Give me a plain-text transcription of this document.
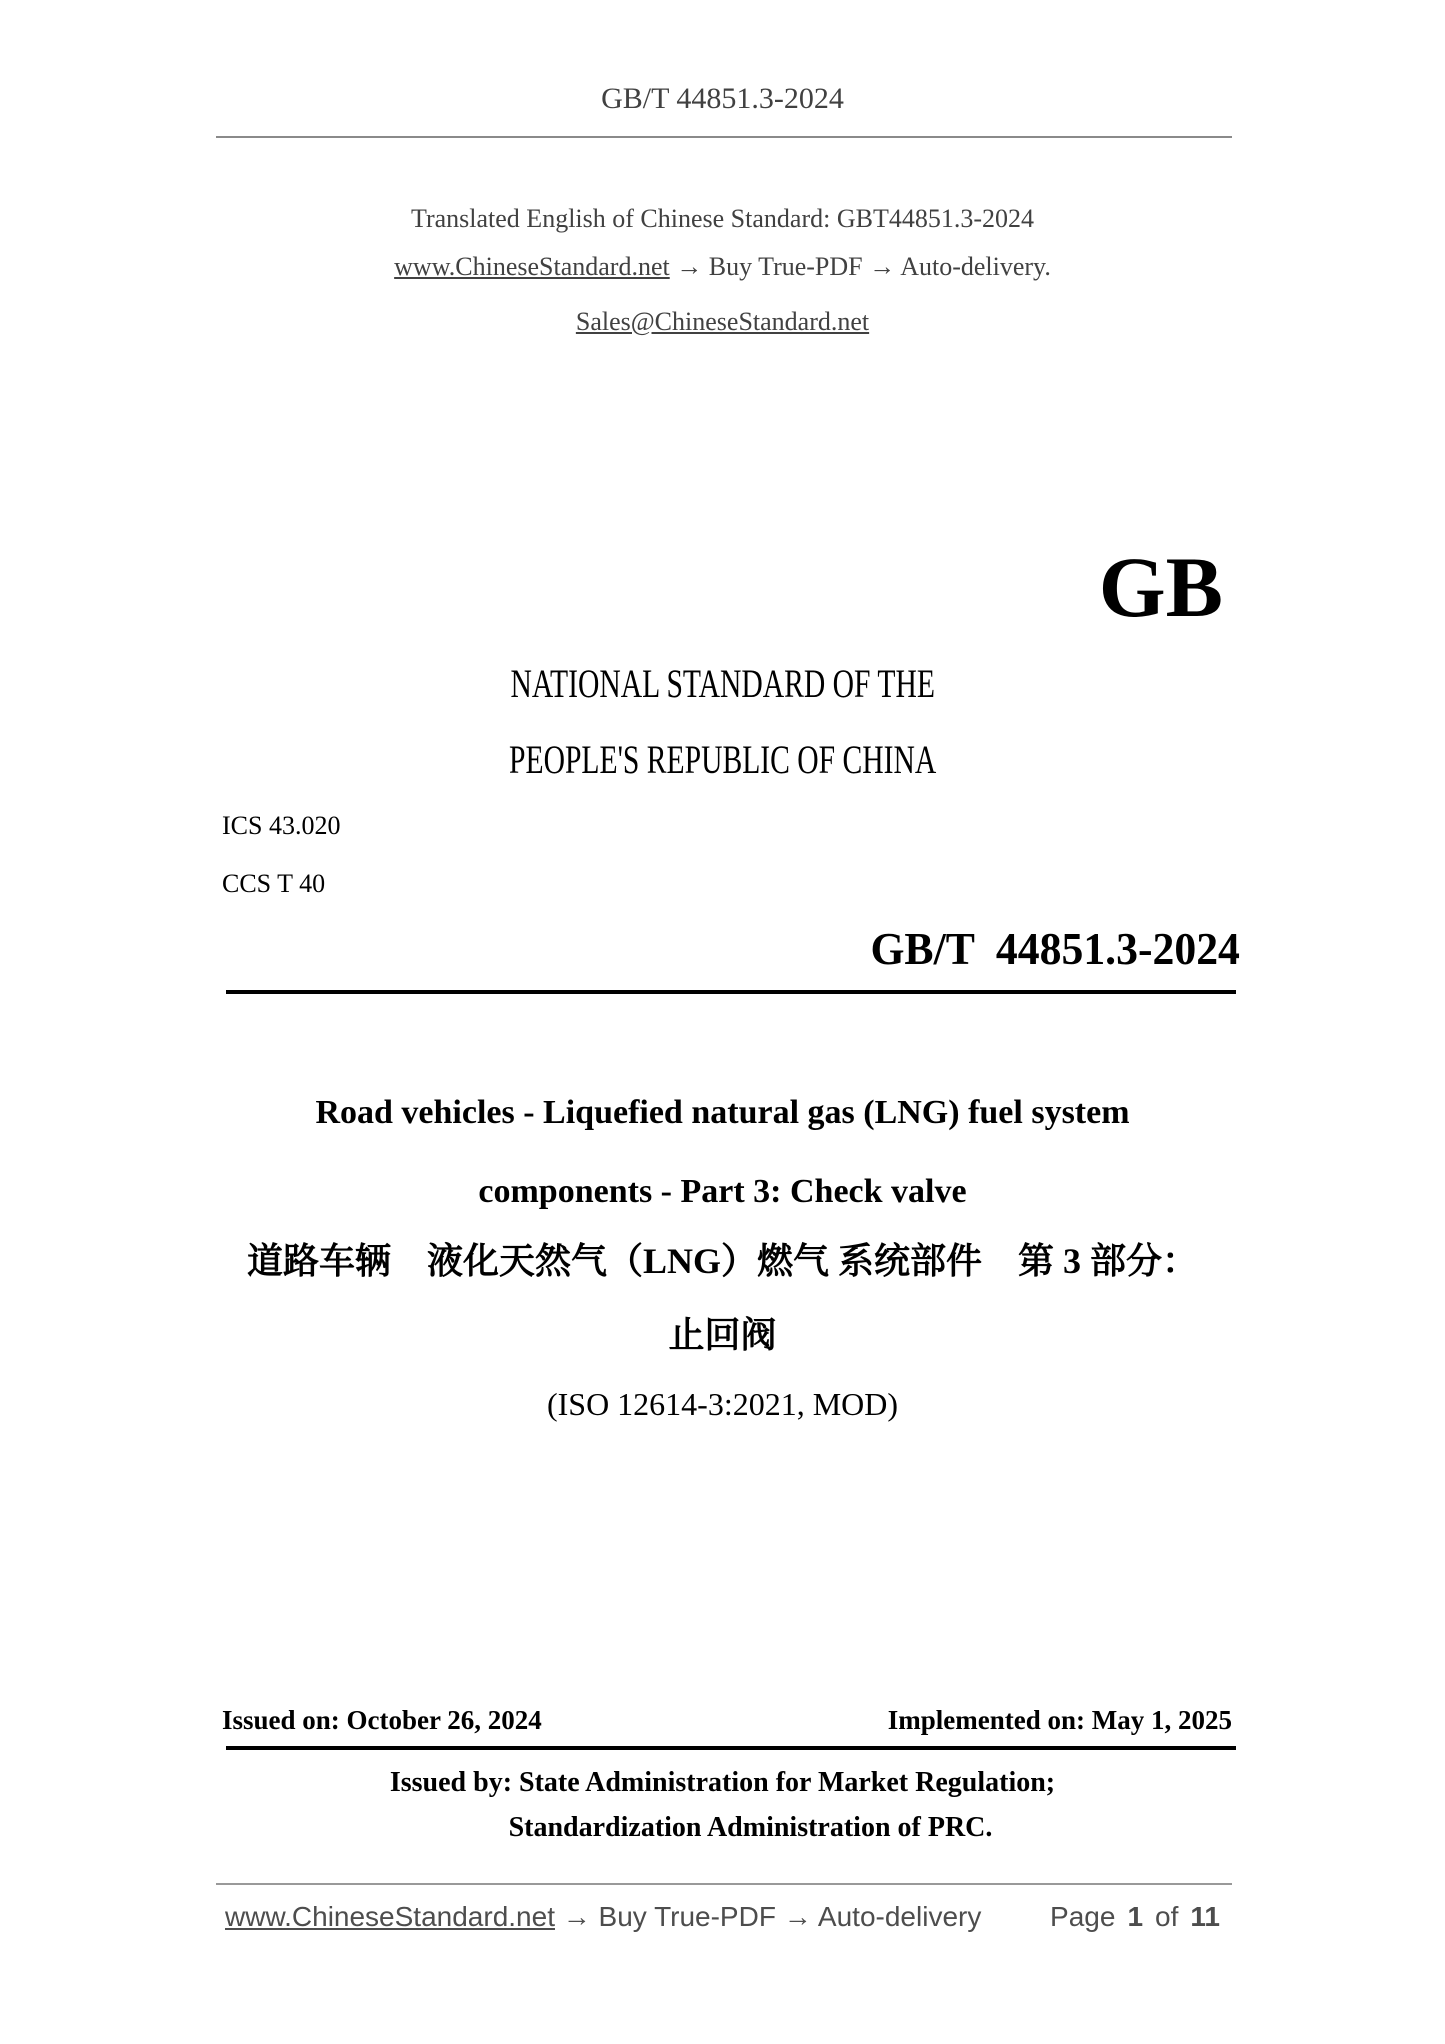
GB/T 44851.3-2024
Translated English of Chinese Standard: GBT44851.3-2024
www.ChineseStandard.net → Buy True-PDF → Auto-delivery.
Sales@ChineseStandard.net
GB
NATIONAL STANDARD OF THE
PEOPLE'S REPUBLIC OF CHINA
ICS 43.020
CCS T 40
GB/T  44851.3-2024
Road vehicles - Liquefied natural gas (LNG) fuel system
components - Part 3: Check valve
道路车辆　液化天然气（LNG）燃气 系统部件　第 3 部分：
止回阀
(ISO 12614-3:2021, MOD)
Issued on: October 26, 2024	Implemented on: May 1, 2025
Issued by: State Administration for Market Regulation;
Standardization Administration of PRC.
www.ChineseStandard.net → Buy True-PDF → Auto-delivery Page 1 of 11
